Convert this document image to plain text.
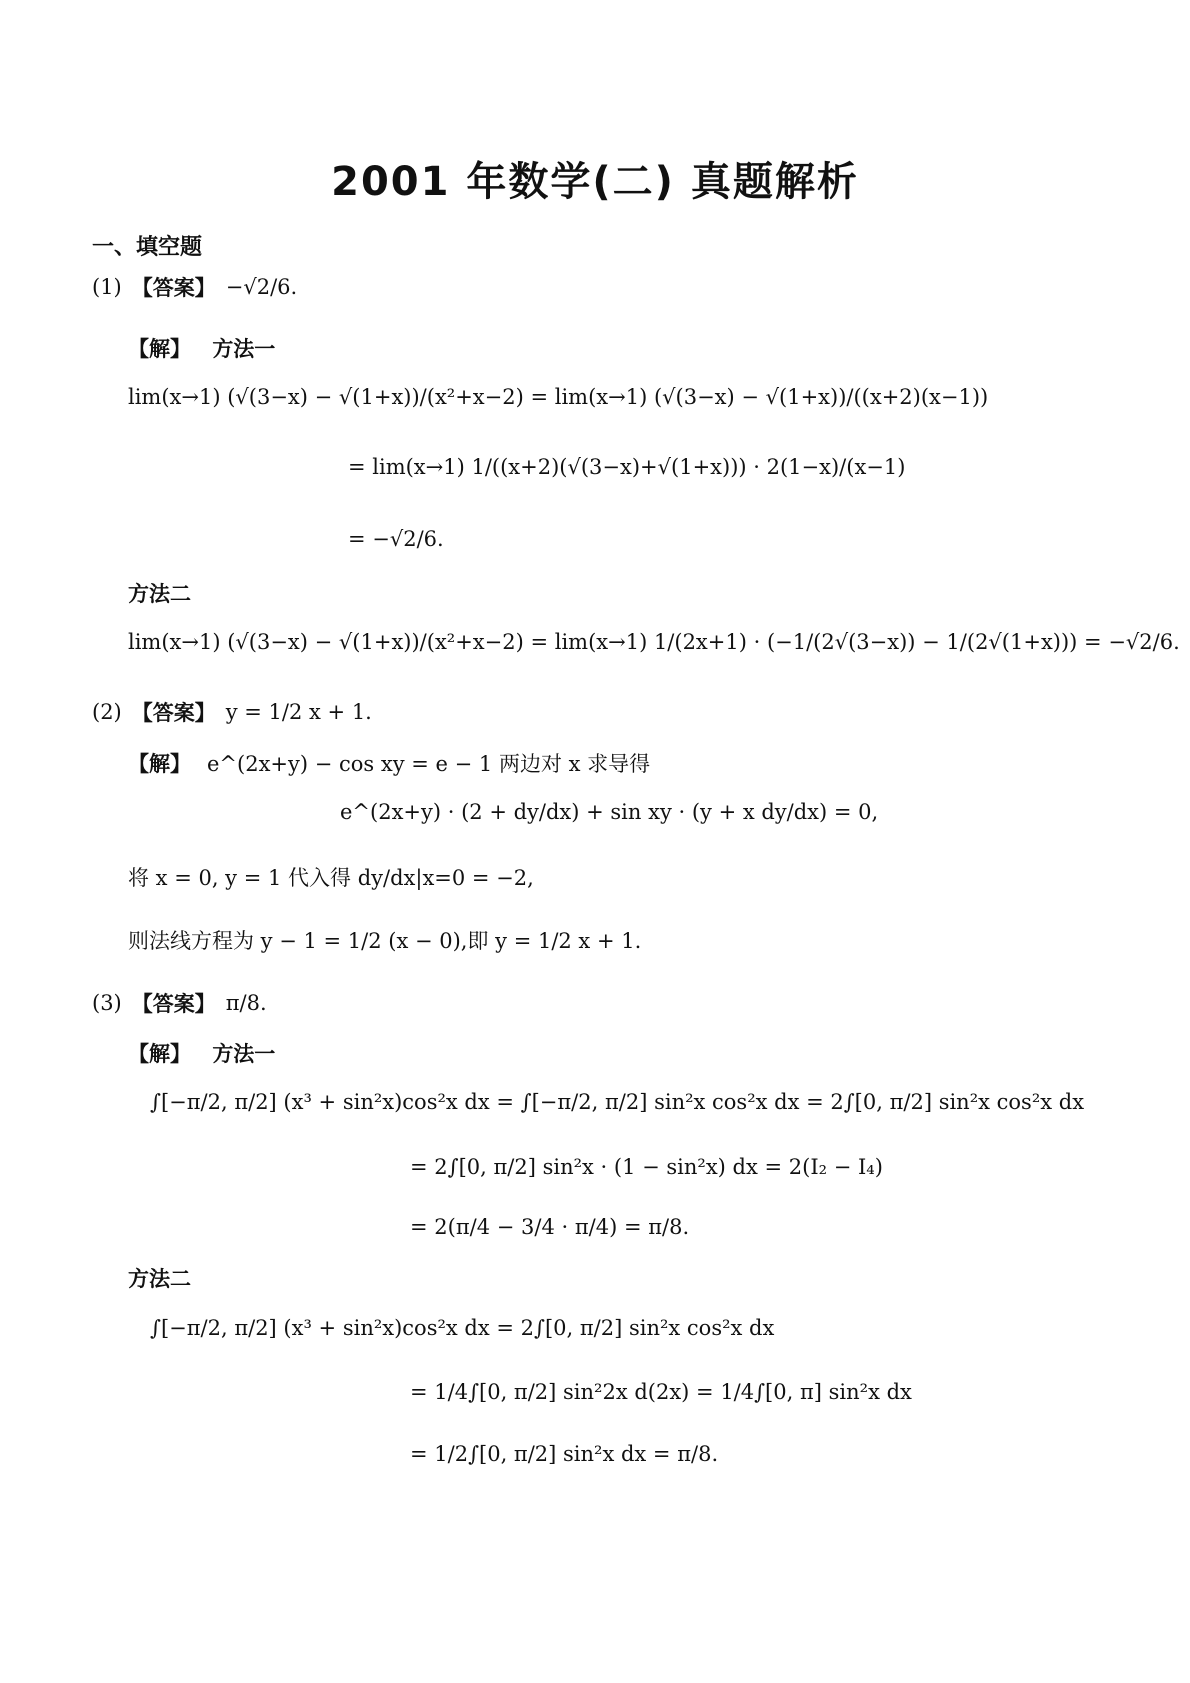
2001 年数学(二) 真题解析
一、填空题
(1) 【答案】 −√2/6.
【解】 方法一
lim(x→1) (√(3−x) − √(1+x))/(x²+x−2) = lim(x→1) (√(3−x) − √(1+x))/((x+2)(x−1))
= lim(x→1) 1/((x+2)(√(3−x)+√(1+x))) · 2(1−x)/(x−1)
= −√2/6.
方法二
lim(x→1) (√(3−x) − √(1+x))/(x²+x−2) = lim(x→1) 1/(2x+1) · (−1/(2√(3−x)) − 1/(2√(1+x))) = −√2/6.
(2) 【答案】 y = 1/2 x + 1.
【解】 e^(2x+y) − cos xy = e − 1 两边对 x 求导得
e^(2x+y) · (2 + dy/dx) + sin xy · (y + x dy/dx) = 0,
将 x = 0, y = 1 代入得 dy/dx|x=0 = −2,
则法线方程为 y − 1 = 1/2 (x − 0),即 y = 1/2 x + 1.
(3) 【答案】 π/8.
【解】 方法一
∫[−π/2, π/2] (x³ + sin²x)cos²x dx = ∫[−π/2, π/2] sin²x cos²x dx = 2∫[0, π/2] sin²x cos²x dx
= 2∫[0, π/2] sin²x · (1 − sin²x) dx = 2(I₂ − I₄)
= 2(π/4 − 3/4 · π/4) = π/8.
方法二
∫[−π/2, π/2] (x³ + sin²x)cos²x dx = 2∫[0, π/2] sin²x cos²x dx
= 1/4∫[0, π/2] sin²2x d(2x) = 1/4∫[0, π] sin²x dx
= 1/2∫[0, π/2] sin²x dx = π/8.
